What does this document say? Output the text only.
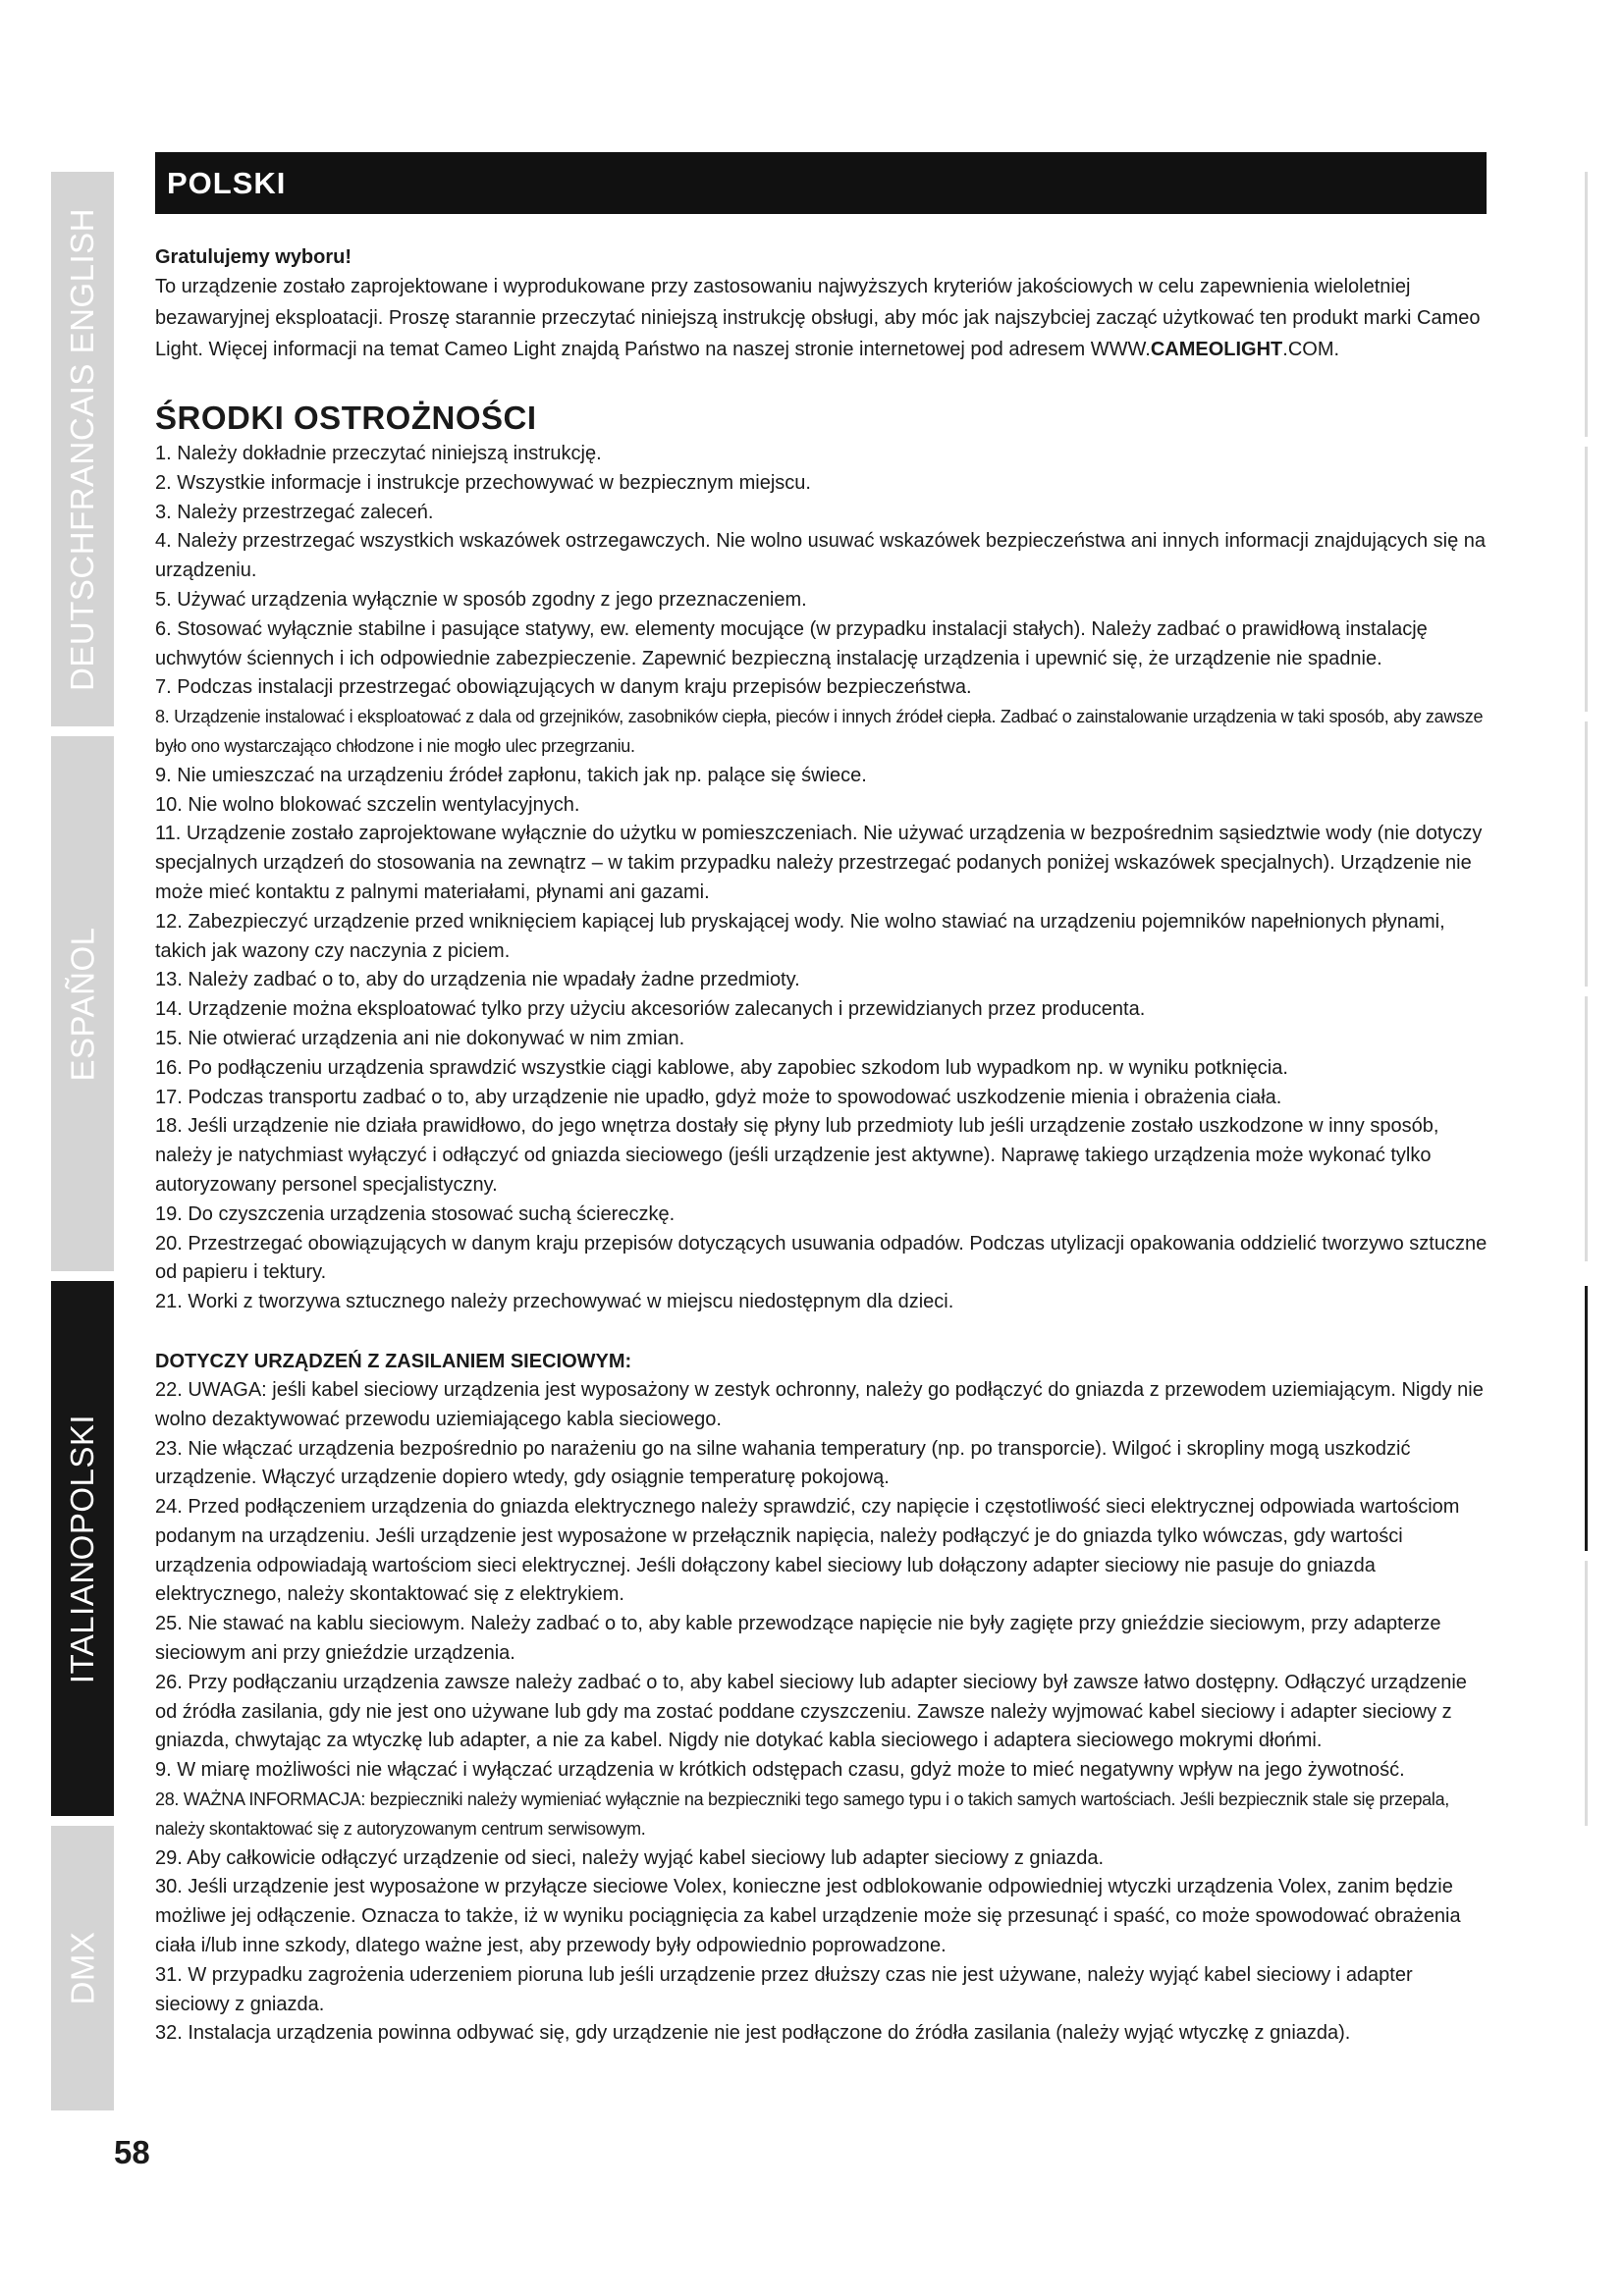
DEUTSCHFRANCAIS ENGLISH
ESPAÑOL
ITALIANOPOLSKI
DMX
POLSKI

Gratulujemy wyboru!

To urządzenie zostało zaprojektowane i wyprodukowane przy zastosowaniu najwyższych kryteriów jakościowych w celu zapewnienia wieloletniej bezawaryjnej eksploatacji. Proszę starannie przeczytać niniejszą instrukcję obsługi, aby móc jak najszybciej zacząć użytkować ten produkt marki Cameo Light. Więcej informacji na temat Cameo Light znajdą Państwo na naszej stronie internetowej pod adresem WWW.CAMEOLIGHT.COM.

ŚRODKI OSTROŻNOŚCI
1. Należy dokładnie przeczytać niniejszą instrukcję.
2. Wszystkie informacje i instrukcje przechowywać w bezpiecznym miejscu.
3. Należy przestrzegać zaleceń.
4. Należy przestrzegać wszystkich wskazówek ostrzegawczych. Nie wolno usuwać wskazówek bezpieczeństwa ani innych informacji znajdujących się na urządzeniu.
5. Używać urządzenia wyłącznie w sposób zgodny z jego przeznaczeniem.
6. Stosować wyłącznie stabilne i pasujące statywy, ew. elementy mocujące (w przypadku instalacji stałych). Należy zadbać o prawidłową instalację uchwytów ściennych i ich odpowiednie zabezpieczenie. Zapewnić bezpieczną instalację urządzenia i upewnić się, że urządzenie nie spadnie.
7. Podczas instalacji przestrzegać obowiązujących w danym kraju przepisów bezpieczeństwa.
8. Urządzenie instalować i eksploatować z dala od grzejników, zasobników ciepła, pieców i innych źródeł ciepła. Zadbać o zainstalowanie urządzenia w taki sposób, aby zawsze było ono wystarczająco chłodzone i nie mogło ulec przegrzaniu.
9. Nie umieszczać na urządzeniu źródeł zapłonu, takich jak np. palące się świece.
10. Nie wolno blokować szczelin wentylacyjnych.
11. Urządzenie zostało zaprojektowane wyłącznie do użytku w pomieszczeniach. Nie używać urządzenia w bezpośrednim sąsiedztwie wody (nie dotyczy specjalnych urządzeń do stosowania na zewnątrz – w takim przypadku należy przestrzegać podanych poniżej wskazówek specjalnych). Urządzenie nie może mieć kontaktu z palnymi materiałami, płynami ani gazami.
12. Zabezpieczyć urządzenie przed wniknięciem kapiącej lub pryskającej wody. Nie wolno stawiać na urządzeniu pojemników napełnionych płynami, takich jak wazony czy naczynia z piciem.
13. Należy zadbać o to, aby do urządzenia nie wpadały żadne przedmioty.
14. Urządzenie można eksploatować tylko przy użyciu akcesoriów zalecanych i przewidzianych przez producenta.
15. Nie otwierać urządzenia ani nie dokonywać w nim zmian.
16. Po podłączeniu urządzenia sprawdzić wszystkie ciągi kablowe, aby zapobiec szkodom lub wypadkom np. w wyniku potknięcia.
17. Podczas transportu zadbać o to, aby urządzenie nie upadło, gdyż może to spowodować uszkodzenie mienia i obrażenia ciała.
18. Jeśli urządzenie nie działa prawidłowo, do jego wnętrza dostały się płyny lub przedmioty lub jeśli urządzenie zostało uszkodzone w inny sposób, należy je natychmiast wyłączyć i odłączyć od gniazda sieciowego (jeśli urządzenie jest aktywne). Naprawę takiego urządzenia może wykonać tylko autoryzowany personel specjalistyczny.
19. Do czyszczenia urządzenia stosować suchą ściereczkę.
20. Przestrzegać obowiązujących w danym kraju przepisów dotyczących usuwania odpadów. Podczas utylizacji opakowania oddzielić tworzywo sztuczne od papieru i tektury.
21. Worki z tworzywa sztucznego należy przechowywać w miejscu niedostępnym dla dzieci.

DOTYCZY URZĄDZEŃ Z ZASILANIEM SIECIOWYM:

22. UWAGA: jeśli kabel sieciowy urządzenia jest wyposażony w zestyk ochronny, należy go podłączyć do gniazda z przewodem uziemiającym. Nigdy nie wolno dezaktywować przewodu uziemiającego kabla sieciowego.
23. Nie włączać urządzenia bezpośrednio po narażeniu go na silne wahania temperatury (np. po transporcie). Wilgoć i skropliny mogą uszkodzić urządzenie. Włączyć urządzenie dopiero wtedy, gdy osiągnie temperaturę pokojową.
24. Przed podłączeniem urządzenia do gniazda elektrycznego należy sprawdzić, czy napięcie i częstotliwość sieci elektrycznej odpowiada wartościom podanym na urządzeniu. Jeśli urządzenie jest wyposażone w przełącznik napięcia, należy podłączyć je do gniazda tylko wówczas, gdy wartości urządzenia odpowiadają wartościom sieci elektrycznej. Jeśli dołączony kabel sieciowy lub dołączony adapter sieciowy nie pasuje do gniazda elektrycznego, należy skontaktować się z elektrykiem.
25. Nie stawać na kablu sieciowym. Należy zadbać o to, aby kable przewodzące napięcie nie były zagięte przy gnieździe sieciowym, przy adapterze sieciowym ani przy gnieździe urządzenia.
26. Przy podłączaniu urządzenia zawsze należy zadbać o to, aby kabel sieciowy lub adapter sieciowy był zawsze łatwo dostępny. Odłączyć urządzenie od źródła zasilania, gdy nie jest ono używane lub gdy ma zostać poddane czyszczeniu. Zawsze należy wyjmować kabel sieciowy i adapter sieciowy z gniazda, chwytając za wtyczkę lub adapter, a nie za kabel. Nigdy nie dotykać kabla sieciowego i adaptera sieciowego mokrymi dłońmi.
9. W miarę możliwości nie włączać i wyłączać urządzenia w krótkich odstępach czasu, gdyż może to mieć negatywny wpływ na jego żywotność.
28. WAŻNA INFORMACJA: bezpieczniki należy wymieniać wyłącznie na bezpieczniki tego samego typu i o takich samych wartościach. Jeśli bezpiecznik stale się przepala, należy skontaktować się z autoryzowanym centrum serwisowym.
29. Aby całkowicie odłączyć urządzenie od sieci, należy wyjąć kabel sieciowy lub adapter sieciowy z gniazda.
30. Jeśli urządzenie jest wyposażone w przyłącze sieciowe Volex, konieczne jest odblokowanie odpowiedniej wtyczki urządzenia Volex, zanim będzie możliwe jej odłączenie. Oznacza to także, iż w wyniku pociągnięcia za kabel urządzenie może się przesunąć i spaść, co może spowodować obrażenia ciała i/lub inne szkody, dlatego ważne jest, aby przewody były odpowiednio poprowadzone.
31. W przypadku zagrożenia uderzeniem pioruna lub jeśli urządzenie przez dłuższy czas nie jest używane, należy wyjąć kabel sieciowy i adapter sieciowy z gniazda.
32. Instalacja urządzenia powinna odbywać się, gdy urządzenie nie jest podłączone do źródła zasilania (należy wyjąć wtyczkę z gniazda).
58
